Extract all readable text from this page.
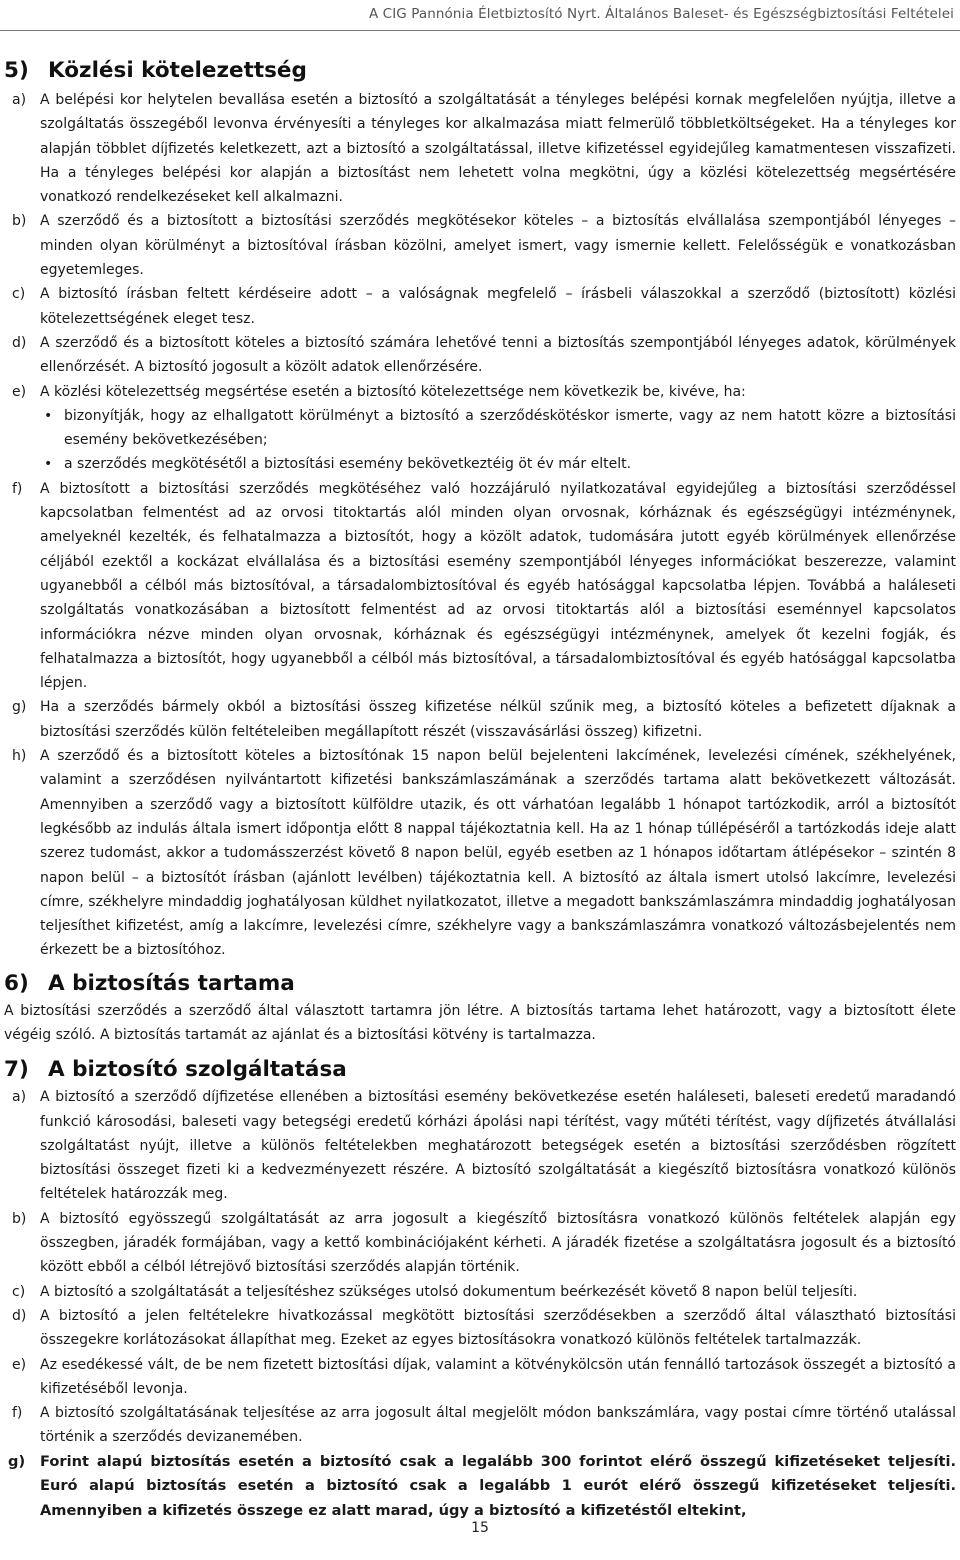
A CIG Pannónia Életbiztosító Nyrt. Általános Baleset- és Egészségbiztosítási Feltételei
5) Közlési kötelezettség

a) A belépési kor helytelen bevallása esetén a biztosító a szolgáltatását a tényleges belépési kornak megfelelően nyújtja, illetve a szolgáltatás összegéből levonva érvényesíti a tényleges kor alkalmazása miatt felmerülő többletköltségeket. Ha a tényleges kor alapján többlet díjfizetés keletkezett, azt a biztosító a szolgáltatással, illetve kifizetéssel egyidejűleg kamatmentesen visszafizeti. Ha a tényleges belépési kor alapján a biztosítást nem lehetett volna megkötni, úgy a közlési kötelezettség megsértésére vonatkozó rendelkezéseket kell alkalmazni.

b) A szerződő és a biztosított a biztosítási szerződés megkötésekor köteles – a biztosítás elvállalása szempontjából lényeges – minden olyan körülményt a biztosítóval írásban közölni, amelyet ismert, vagy ismernie kellett. Felelősségük e vonatkozásban egyetemleges.

c) A biztosító írásban feltett kérdéseire adott – a valóságnak megfelelő – írásbeli válaszokkal a szerződő (biztosított) közlési kötelezettségének eleget tesz.

d) A szerződő és a biztosított köteles a biztosító számára lehetővé tenni a biztosítás szempontjából lényeges adatok, körülmények ellenőrzését. A biztosító jogosult a közölt adatok ellenőrzésére.

e) A közlési kötelezettség megsértése esetén a biztosító kötelezettsége nem következik be, kivéve, ha:
• bizonyítják, hogy az elhallgatott körülményt a biztosító a szerződéskötéskor ismerte, vagy az nem hatott közre a biztosítási esemény bekövetkezésében;
• a szerződés megkötésétől a biztosítási esemény bekövetkeztéig öt év már eltelt.

f) A biztosított a biztosítási szerződés megkötéséhez való hozzájáruló nyilatkozatával egyidejűleg a biztosítási szerződéssel kapcsolatban felmentést ad az orvosi titoktartás alól minden olyan orvosnak, kórháznak és egészségügyi intézménynek, amelyeknél kezelték, és felhatalmazza a biztosítót, hogy a közölt adatok, tudomására jutott egyéb körülmények ellenőrzése céljából ezektől a kockázat elvállalása és a biztosítási esemény szempontjából lényeges információkat beszerezze, valamint ugyanebből a célból más biztosítóval, a társadalombiztosítóval és egyéb hatósággal kapcsolatba lépjen. Továbbá a haláleseti szolgáltatás vonatkozásában a biztosított felmentést ad az orvosi titoktartás alól a biztosítási eseménnyel kapcsolatos információkra nézve minden olyan orvosnak, kórháznak és egészségügyi intézménynek, amelyek őt kezelni fogják, és felhatalmazza a biztosítót, hogy ugyanebből a célból más biztosítóval, a társadalombiztosítóval és egyéb hatósággal kapcsolatba lépjen.

g) Ha a szerződés bármely okból a biztosítási összeg kifizetése nélkül szűnik meg, a biztosító köteles a befizetett díjaknak a biztosítási szerződés külön feltételeiben megállapított részét (visszavásárlási összeg) kifizetni.

h) A szerződő és a biztosított köteles a biztosítónak 15 napon belül bejelenteni lakcímének, levelezési címének, székhelyének, valamint a szerződésen nyilvántartott kifizetési bankszámlaszámának a szerződés tartama alatt bekövetkezett változását. Amennyiben a szerződő vagy a biztosított külföldre utazik, és ott várhatóan legalább 1 hónapot tartózkodik, arról a biztosítót legkésőbb az indulás általa ismert időpontja előtt 8 nappal tájékoztatnia kell. Ha az 1 hónap túllépéséről a tartózkodás ideje alatt szerez tudomást, akkor a tudomásszerzést követő 8 napon belül, egyéb esetben az 1 hónapos időtartam átlépésekor – szintén 8 napon belül – a biztosítót írásban (ajánlott levélben) tájékoztatnia kell. A biztosító az általa ismert utolsó lakcímre, levelezési címre, székhelyre mindaddig joghatályosan küldhet nyilatkozatot, illetve a megadott bankszámlaszámra mindaddig joghatályosan teljesíthet kifizetést, amíg a lakcímre, levelezési címre, székhelyre vagy a bankszámlaszámra vonatkozó változásbejelentés nem érkezett be a biztosítóhoz.

6) A biztosítás tartama

A biztosítási szerződés a szerződő által választott tartamra jön létre. A biztosítás tartama lehet határozott, vagy a biztosított élete végéig szóló. A biztosítás tartamát az ajánlat és a biztosítási kötvény is tartalmazza.

7) A biztosító szolgáltatása

a) A biztosító a szerződő díjfizetése ellenében a biztosítási esemény bekövetkezése esetén haláleseti, baleseti eredetű maradandó funkció károsodási, baleseti vagy betegségi eredetű kórházi ápolási napi térítést, vagy műtéti térítést, vagy díjfizetés átvállalási szolgáltatást nyújt, illetve a különös feltételekben meghatározott betegségek esetén a biztosítási szerződésben rögzített biztosítási összeget fizeti ki a kedvezményezett részére. A biztosító szolgáltatását a kiegészítő biztosításra vonatkozó különös feltételek határozzák meg.

b) A biztosító egyösszegű szolgáltatását az arra jogosult a kiegészítő biztosításra vonatkozó különös feltételek alapján egy összegben, járadék formájában, vagy a kettő kombinációjaként kérheti. A járadék fizetése a szolgáltatásra jogosult és a biztosító között ebből a célból létrejövő biztosítási szerződés alapján történik.

c) A biztosító a szolgáltatását a teljesítéshez szükséges utolsó dokumentum beérkezését követő 8 napon belül teljesíti.

d) A biztosító a jelen feltételekre hivatkozással megkötött biztosítási szerződésekben a szerződő által választható biztosítási összegekre korlátozásokat állapíthat meg. Ezeket az egyes biztosításokra vonatkozó különös feltételek tartalmazzák.

e) Az esedékessé vált, de be nem fizetett biztosítási díjak, valamint a kötvénykölcsön után fennálló tartozások összegét a biztosító a kifizetéséből levonja.

f) A biztosító szolgáltatásának teljesítése az arra jogosult által megjelölt módon bankszámlára, vagy postai címre történő utalással történik a szerződés devizanemében.

g) Forint alapú biztosítás esetén a biztosító csak a legalább 300 forintot elérő összegű kifizetéseket teljesíti. Euró alapú biztosítás esetén a biztosító csak a legalább 1 eurót elérő összegű kifizetéseket teljesíti. Amennyiben a kifizetés összege ez alatt marad, úgy a biztosító a kifizetéstől eltekint,

15
